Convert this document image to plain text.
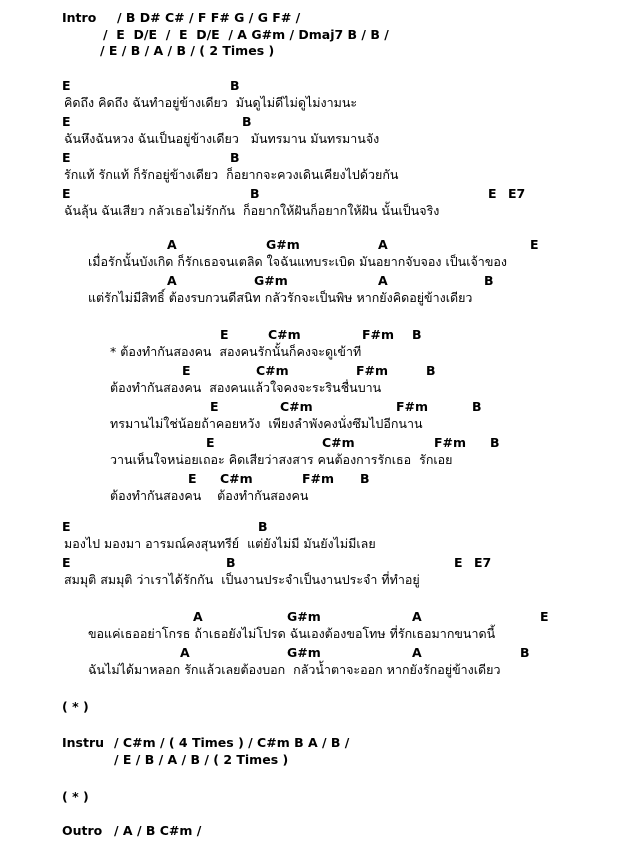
Intro / B D# C# / F F# G / G F# /
/  E  D/E  /  E  D/E  / A G#m / Dmaj7 B / B /
/ E / B / A / B / ( 2 Times )
E	B
คิดถึง คิดถึง ฉันทำอยู่ข้างเดียว  มันดูไม่ดีไม่ดูไม่งามนะ
E	B
ฉันหึงฉันหวง ฉันเป็นอยู่ข้างเดียว   มันทรมาน มันทรมานจัง
E	B
รักแท้ รักแท้ ก็รักอยู่ข้างเดียว  ก็อยากจะควงเดินเคียงไปด้วยกัน
E	B	E E7
ฉันลุ้น ฉันเสียว กลัวเธอไม่รักกัน  ก็อยากให้ฝันก็อยากให้ฝัน นั้นเป็นจริง
A	G#m	A	E
เมื่อรักนั้นบังเกิด ก็รักเธอจนเตลิด ใจฉันแทบระเบิด มันอยากจับจอง เป็นเจ้าของ
A	G#m	A	B
แต่รักไม่มีสิทธิ์ ต้องรบกวนดีสนิท กลัวรักจะเป็นพิษ หากยังคิดอยู่ข้างเดียว
E	C#m	F#m B
* ต้องทำกันสองคน  สองคนรักนั้นก็คงจะดูเข้าที
E	C#m	F#m	B
ต้องทำกันสองคน  สองคนแล้วใจคงจะระรินชื่นบาน
E	C#m	F#m	B
ทรมานไม่ใช่น้อยถ้าคอยหวัง  เพียงลำพังคงนั่งซึมไปอีกนาน
E	C#m	F#m B
วานเห็นใจหน่อยเถอะ คิดเสียว่าสงสาร คนต้องการรักเธอ  รักเอย
E C#m	F#m B
ต้องทำกันสองคน    ต้องทำกันสองคน
E	B
มองไป มองมา อารมณ์คงสุนทรีย์  แต่ยังไม่มี มันยังไม่มีเลย
E	B	E E7
สมมุติ สมมุติ ว่าเราได้รักกัน  เป็นงานประจำเป็นงานประจำ ที่ทำอยู่
A	G#m	A	E
ขอแค่เธออย่าโกรธ ถ้าเธอยังไม่โปรด ฉันเองต้องขอโทษ ที่รักเธอมากขนาดนี้
A	G#m	A	B
ฉันไม่ได้มาหลอก รักแล้วเลยต้องบอก  กลัวน้ำตาจะออก หากยังรักอยู่ข้างเดียว
( * )
Instru / C#m / ( 4 Times ) / C#m B A / B /
/ E / B / A / B / ( 2 Times )
( * )
Outro / A / B C#m /
